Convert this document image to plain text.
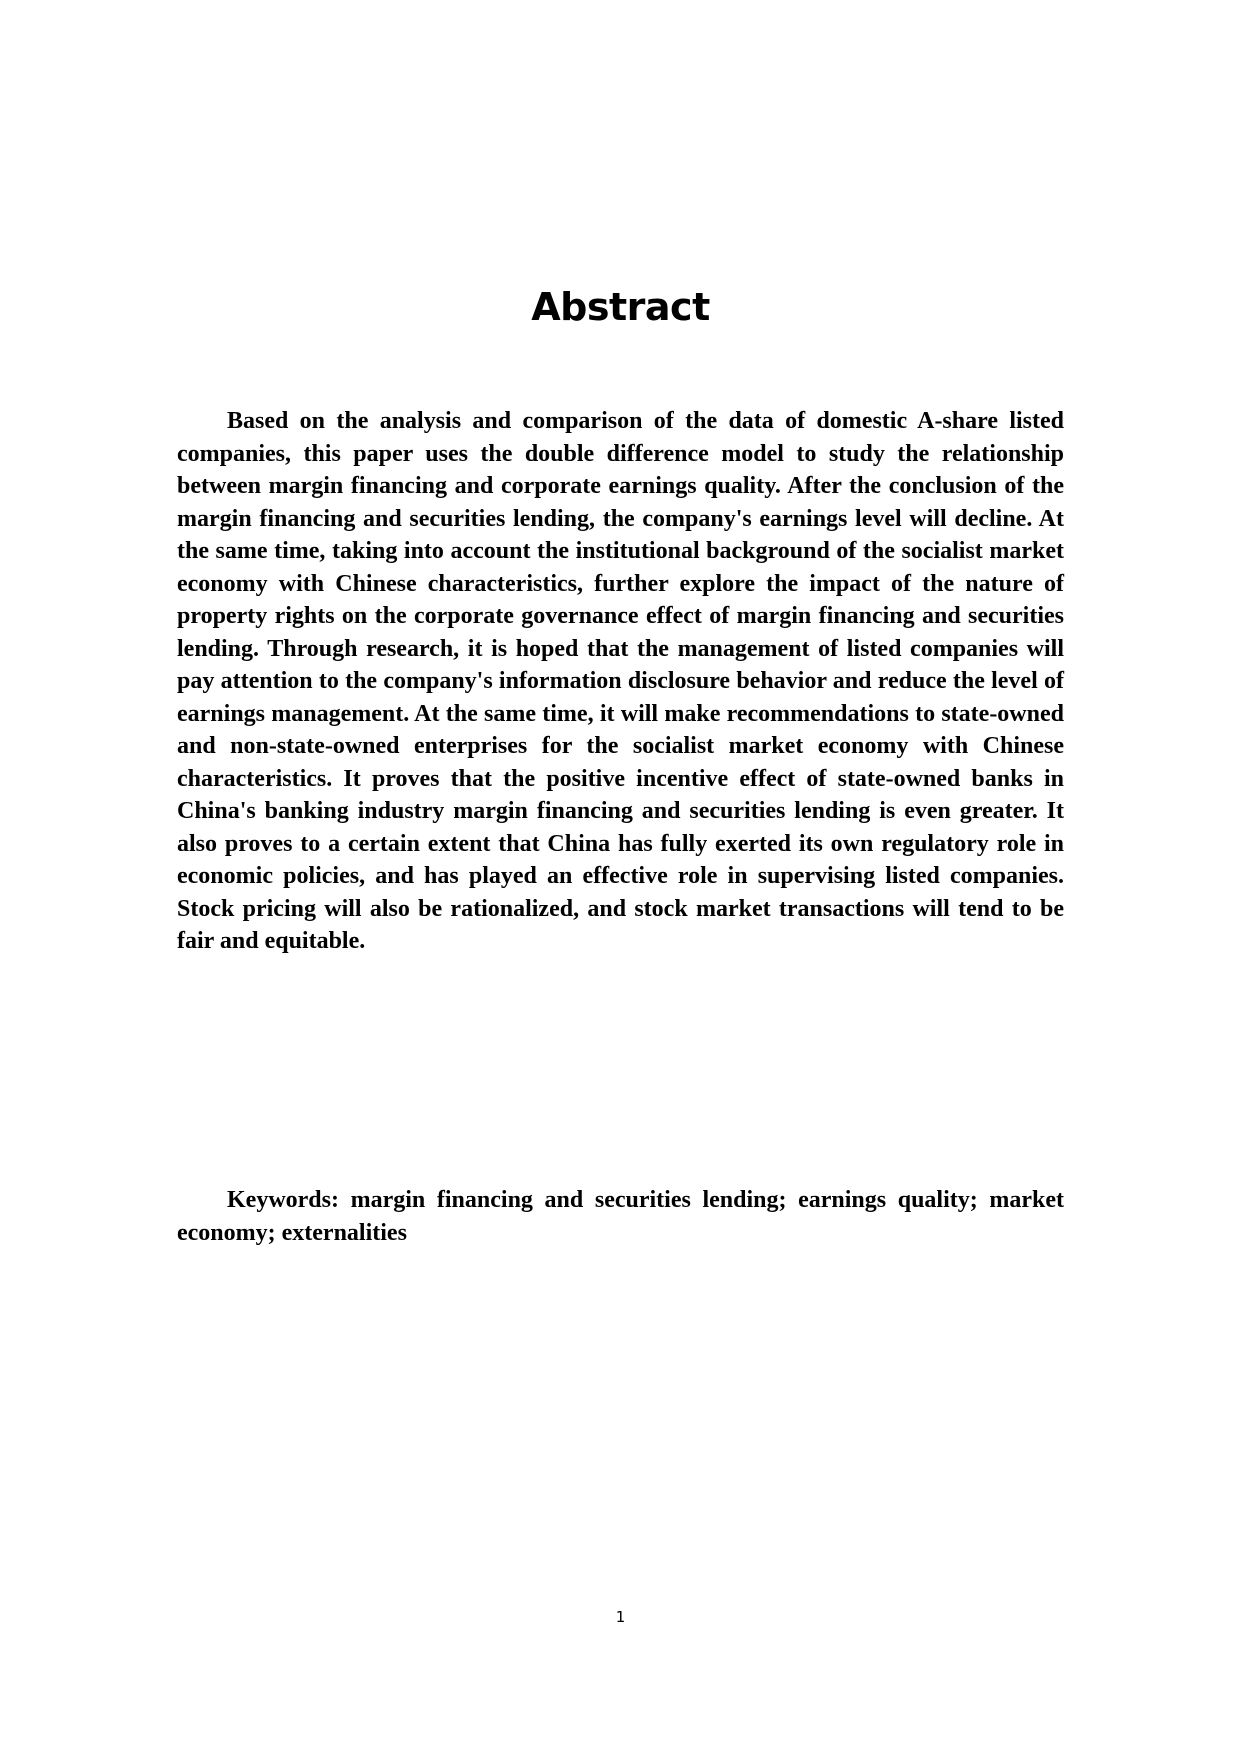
Abstract

Based on the analysis and comparison of the data of domestic A-share listed companies, this paper uses the double difference model to study the relationship between margin financing and corporate earnings quality. After the conclusion of the margin financing and securities lending, the company's earnings level will decline. At the same time, taking into account the institutional background of the socialist market economy with Chinese characteristics, further explore the impact of the nature of property rights on the corporate governance effect of margin financing and securities lending. Through research, it is hoped that the management of listed companies will pay attention to the company's information disclosure behavior and reduce the level of earnings management. At the same time, it will make recommendations to state-owned and non-state-owned enterprises for the socialist market economy with Chinese characteristics. It proves that the positive incentive effect of state-owned banks in China's banking industry margin financing and securities lending is even greater. It also proves to a certain extent that China has fully exerted its own regulatory role in economic policies, and has played an effective role in supervising listed companies. Stock pricing will also be rationalized, and stock market transactions will tend to be fair and equitable.

Keywords: margin financing and securities lending; earnings quality; market economy; externalities

1
